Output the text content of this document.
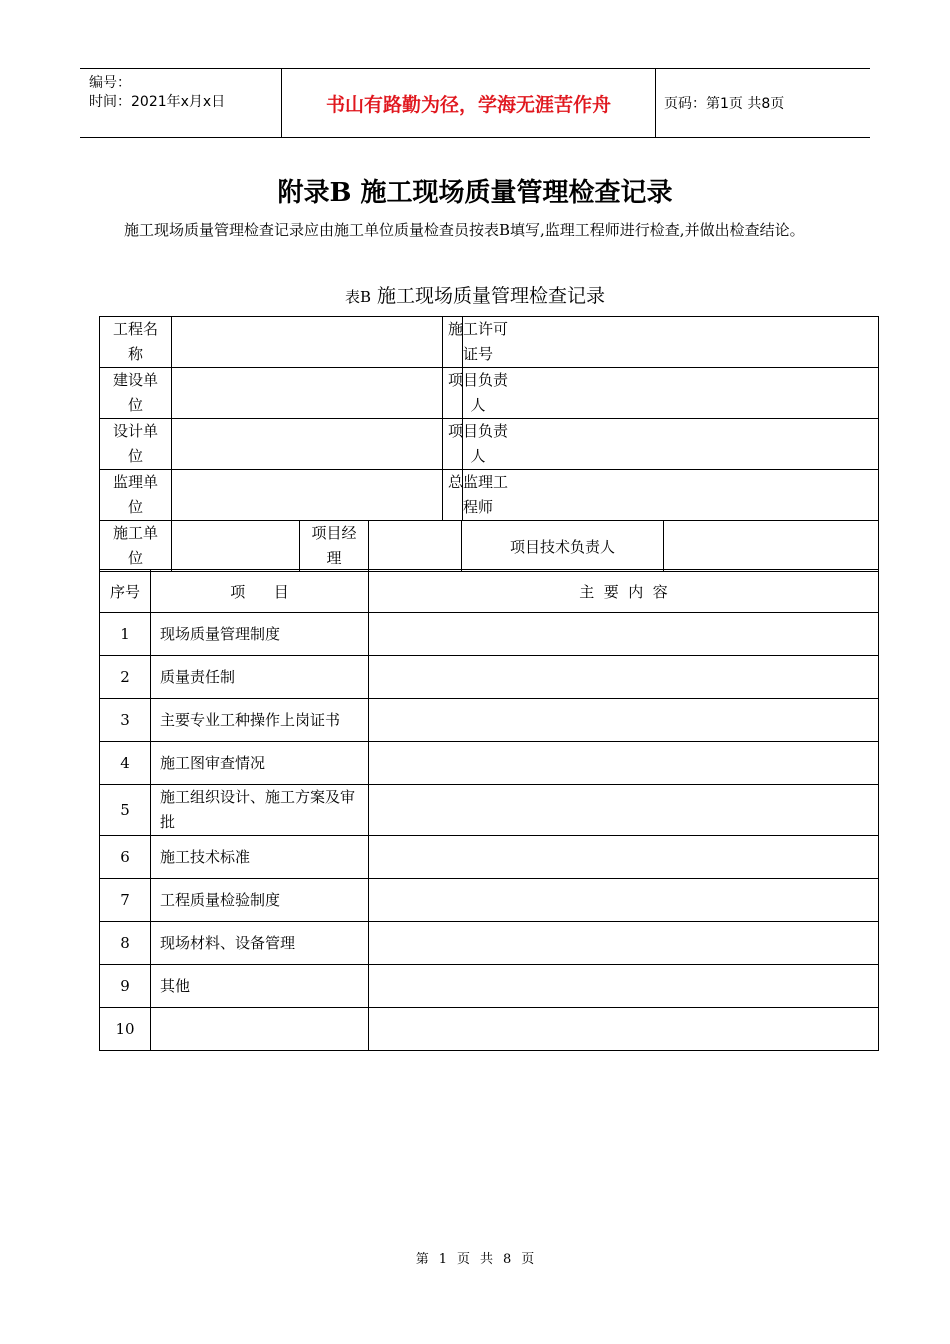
编号：
时间：2021年x月x日	书山有路勤为径，学海无涯苦作舟	页码：第1页 共8页
附录B 施工现场质量管理检查记录
施工现场质量管理检查记录应由施工单位质量检查员按表B填写,监理工程师进行检查,并做出检查结论。
表B 施工现场质量管理检查记录
工程名称				施工许可证号		

建设单位				项目负责人		

设计单位				项目负责人		

监理单位				总监理工程师		

施工单位		项目经理			项目技术负责人	
序号	项      目	主  要  内  容
1	现场质量管理制度	
2	质量责任制	
3	主要专业工种操作上岗证书	
4	施工图审查情况	
5	施工组织设计、施工方案及审批	
6	施工技术标准	
7	工程质量检验制度	
8	现场材料、设备管理	
9	其他	
10		
第 1 页 共 8 页
